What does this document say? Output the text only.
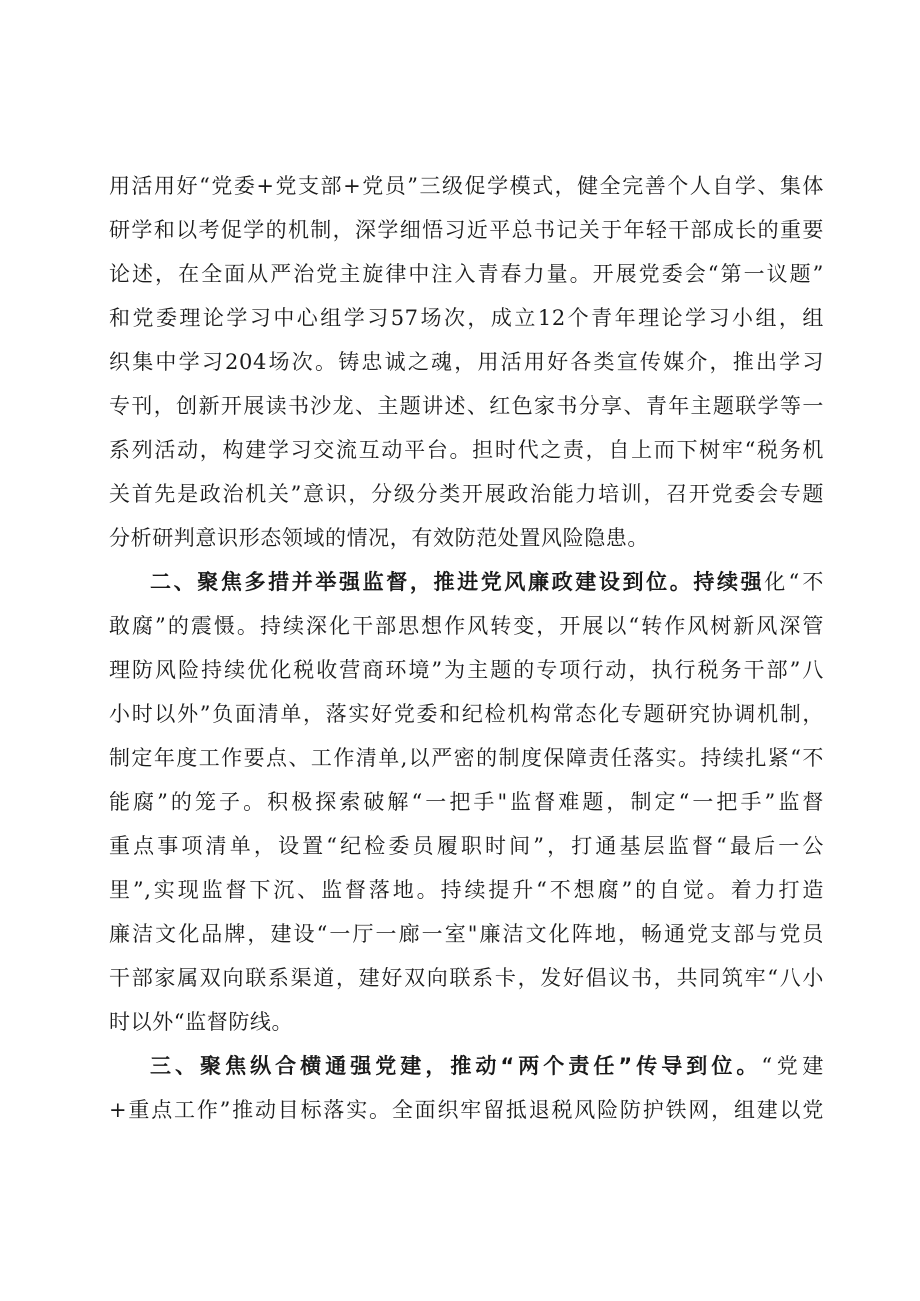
用活用好“党委+党支部+党员”三级促学模式，健全完善个人自学、集体
研学和以考促学的机制，深学细悟习近平总书记关于年轻干部成长的重要
论述，在全面从严治党主旋律中注入青春力量。开展党委会“第一议题”
和党委理论学习中心组学习57场次，成立12个青年理论学习小组，组
织集中学习204场次。铸忠诚之魂，用活用好各类宣传媒介，推出学习
专刊，创新开展读书沙龙、主题讲述、红色家书分享、青年主题联学等一
系列活动，构建学习交流互动平台。担时代之责，自上而下树牢“税务机
关首先是政治机关”意识，分级分类开展政治能力培训，召开党委会专题
分析研判意识形态领域的情况，有效防范处置风险隐患。
二、聚焦多措并举强监督，推进党风廉政建设到位。持续强化“不
敢腐”的震慑。持续深化干部思想作风转变，开展以“转作风树新风深管
理防风险持续优化税收营商环境”为主题的专项行动，执行税务干部”八
小时以外”负面清单，落实好党委和纪检机构常态化专题研究协调机制，
制定年度工作要点、工作清单,以严密的制度保障责任落实。持续扎紧“不
能腐”的笼子。积极探索破解“一把手"监督难题，制定“一把手”监督
重点事项清单，设置“纪检委员履职时间”，打通基层监督“最后一公
里”,实现监督下沉、监督落地。持续提升“不想腐”的自觉。着力打造
廉洁文化品牌，建设“一厅一廊一室"廉洁文化阵地，畅通党支部与党员
干部家属双向联系渠道，建好双向联系卡，发好倡议书，共同筑牢“八小
时以外“监督防线。
三、聚焦纵合横通强党建，推动“两个责任”传导到位。“党建
+重点工作”推动目标落实。全面织牢留抵退税风险防护铁网，组建以党
